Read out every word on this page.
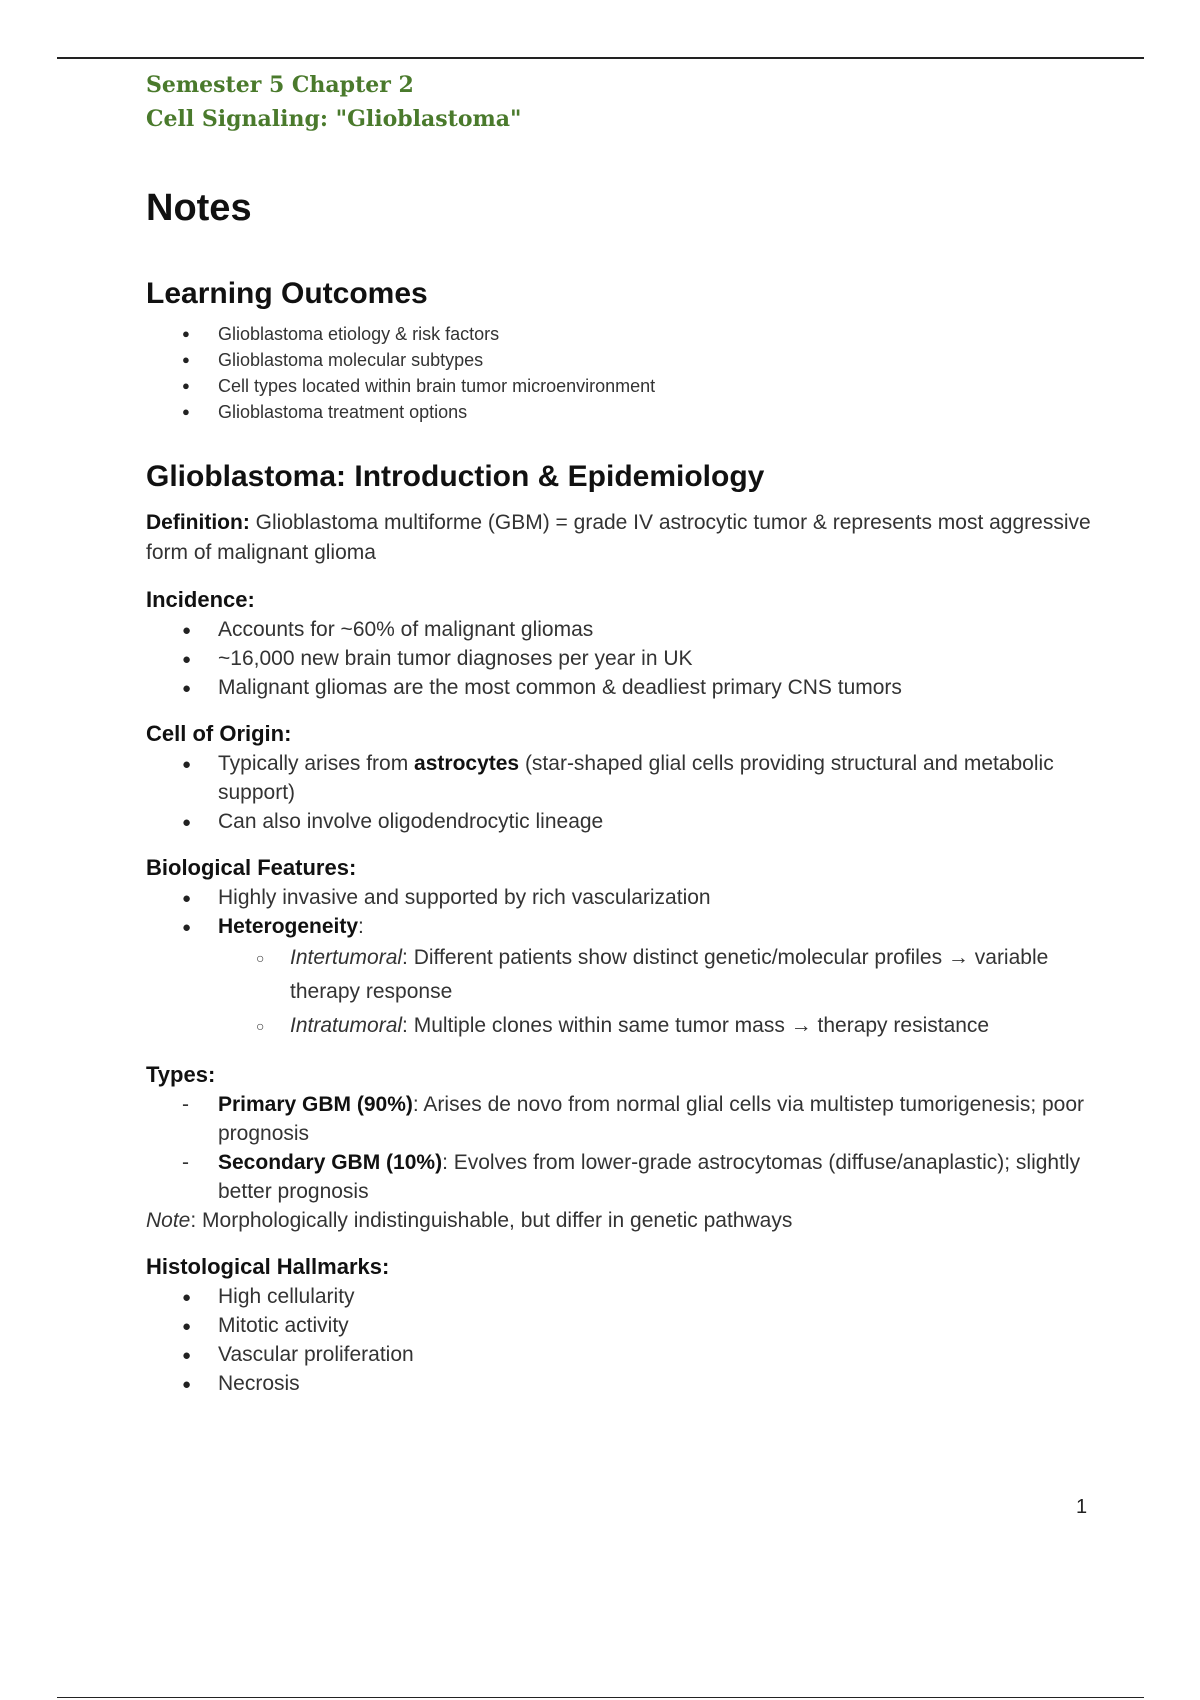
Semester 5 Chapter 2

Cell Signaling: "Glioblastoma"

Notes
Learning Outcomes
● Glioblastoma etiology & risk factors
● Glioblastoma molecular subtypes
● Cell types located within brain tumor microenvironment
● Glioblastoma treatment options
Glioblastoma: Introduction & Epidemiology

Definition: Glioblastoma multiforme (GBM) = grade IV astrocytic tumor & represents most aggressive form of malignant glioma

Incidence:
● Accounts for ~60% of malignant gliomas
● ~16,000 new brain tumor diagnoses per year in UK
● Malignant gliomas are the most common & deadliest primary CNS tumors
Cell of Origin:
● Typically arises from astrocytes (star-shaped glial cells providing structural and metabolic support)
● Can also involve oligodendrocytic lineage
Biological Features:
● Highly invasive and supported by rich vascularization
● Heterogeneity:
○ Intertumoral: Different patients show distinct genetic/molecular profiles → variable therapy response
○ Intratumoral: Multiple clones within same tumor mass → therapy resistance
Types:
- Primary GBM (90%): Arises de novo from normal glial cells via multistep tumorigenesis; poor prognosis
- Secondary GBM (10%): Evolves from lower-grade astrocytomas (diffuse/anaplastic); slightly better prognosis

Note: Morphologically indistinguishable, but differ in genetic pathways

Histological Hallmarks:
● High cellularity
● Mitotic activity
● Vascular proliferation
● Necrosis
1
